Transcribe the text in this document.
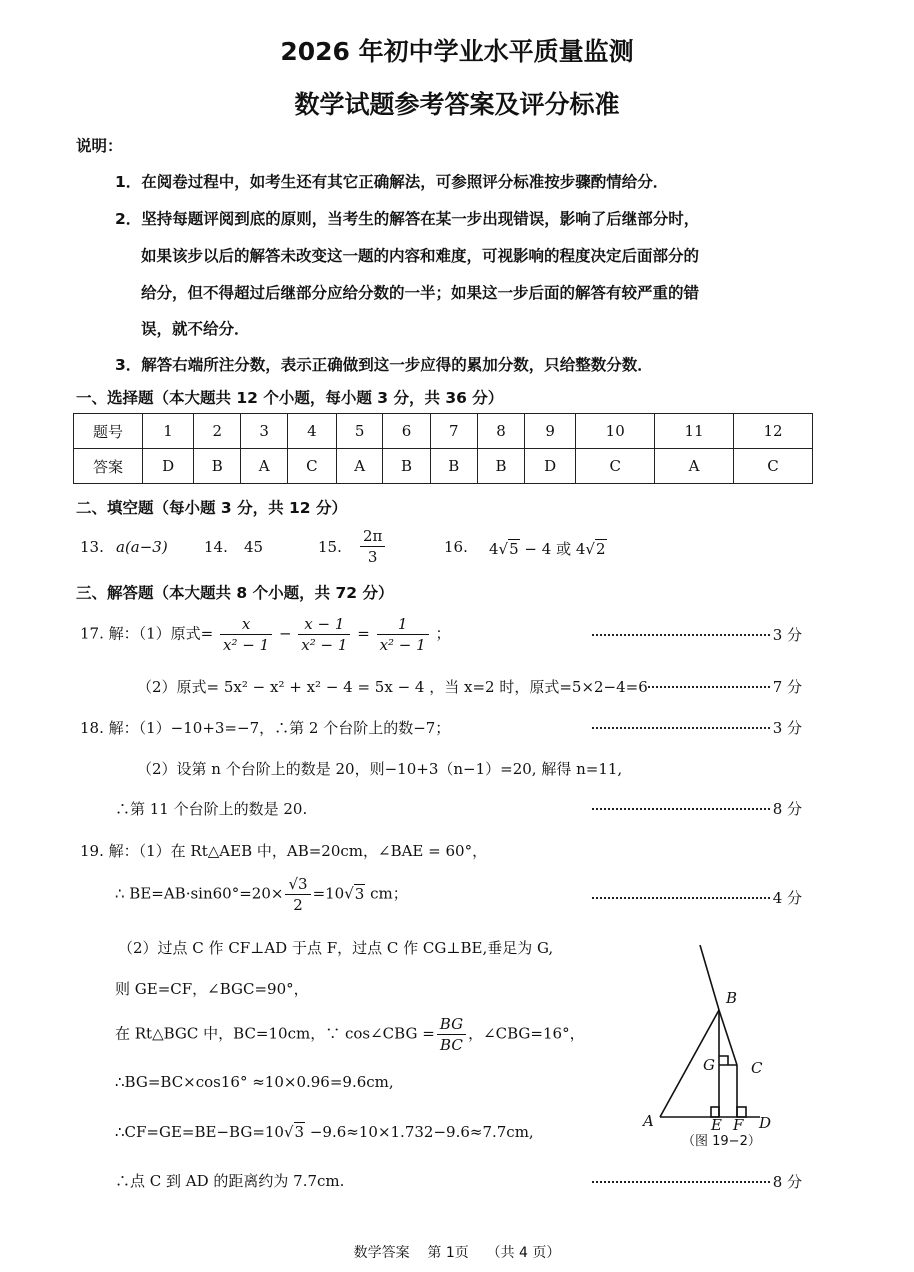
2026 年初中学业水平质量监测
数学试题参考答案及评分标准
说明：
1．在阅卷过程中，如考生还有其它正确解法，可参照评分标准按步骤酌情给分．
2．坚持每题评阅到底的原则，当考生的解答在某一步出现错误，影响了后继部分时，
如果该步以后的解答未改变这一题的内容和难度，可视影响的程度决定后面部分的
给分，但不得超过后继部分应给分数的一半；如果这一步后面的解答有较严重的错
误，就不给分．
3．解答右端所注分数，表示正确做到这一步应得的累加分数，只给整数分数．
一、选择题（本大题共 12 个小题，每小题 3 分，共 36 分）
题号	1	2	3	4	5	6	7	8	9	10	11	12
答案	D	B	A	C	A	B	B	B	D	C	A	C
二、填空题（每小题 3 分，共 12 分）
13. a(a−3) 14. 45	15. $\frac{2\pi}{3}$	16. 4√5 − 4 或 4√2
三、解答题（本大题共 8 个小题，共 72 分）
17. 解：（1）原式= $\frac{x}{\text{x² − 1}} - \frac{x - 1}{\text{x² − 1}} = \frac{1}{\text{x² − 1}}$ ；	3 分
（2）原式= 5x² − x² + x² − 4 = 5x − 4 ，当 x=2 时，原式=5×2−4=6	7 分
18. 解：（1）−10+3=−7，∴第 2 个台阶上的数−7；	3 分
（2）设第 n 个台阶上的数是 20，则−10+3（n−1）=20, 解得 n=11,
∴第 11 个台阶上的数是 20.	8 分
19. 解：（1）在 Rt△AEB 中，AB=20cm，∠BAE = 60°，
∴ $BE=AB\cdot\sin 60^\circ=20\times \frac{√3}{2} =10√3$ cm；	4 分
（2）过点 C 作 CF⊥AD 于点 F，过点 C 作 CG⊥BE,垂足为 G,
则 GE=CF，∠BGC=90°，
在 Rt△BGC 中，BC=10cm，∵ cos∠CBG = $\frac{BG}{BC}$ ，∠CBG=16°，
∴BG=BC×cos16° ≈10×0.96=9.6cm,
∴CF=GE=BE−BG=10√3 −9.6≈10×1.732−9.6≈7.7cm,
∴点 C 到 AD 的距离约为 7.7cm.	8 分
B
G C
A	E F D
（图 19−2）
数学答案    第 1页    （共 4 页）
